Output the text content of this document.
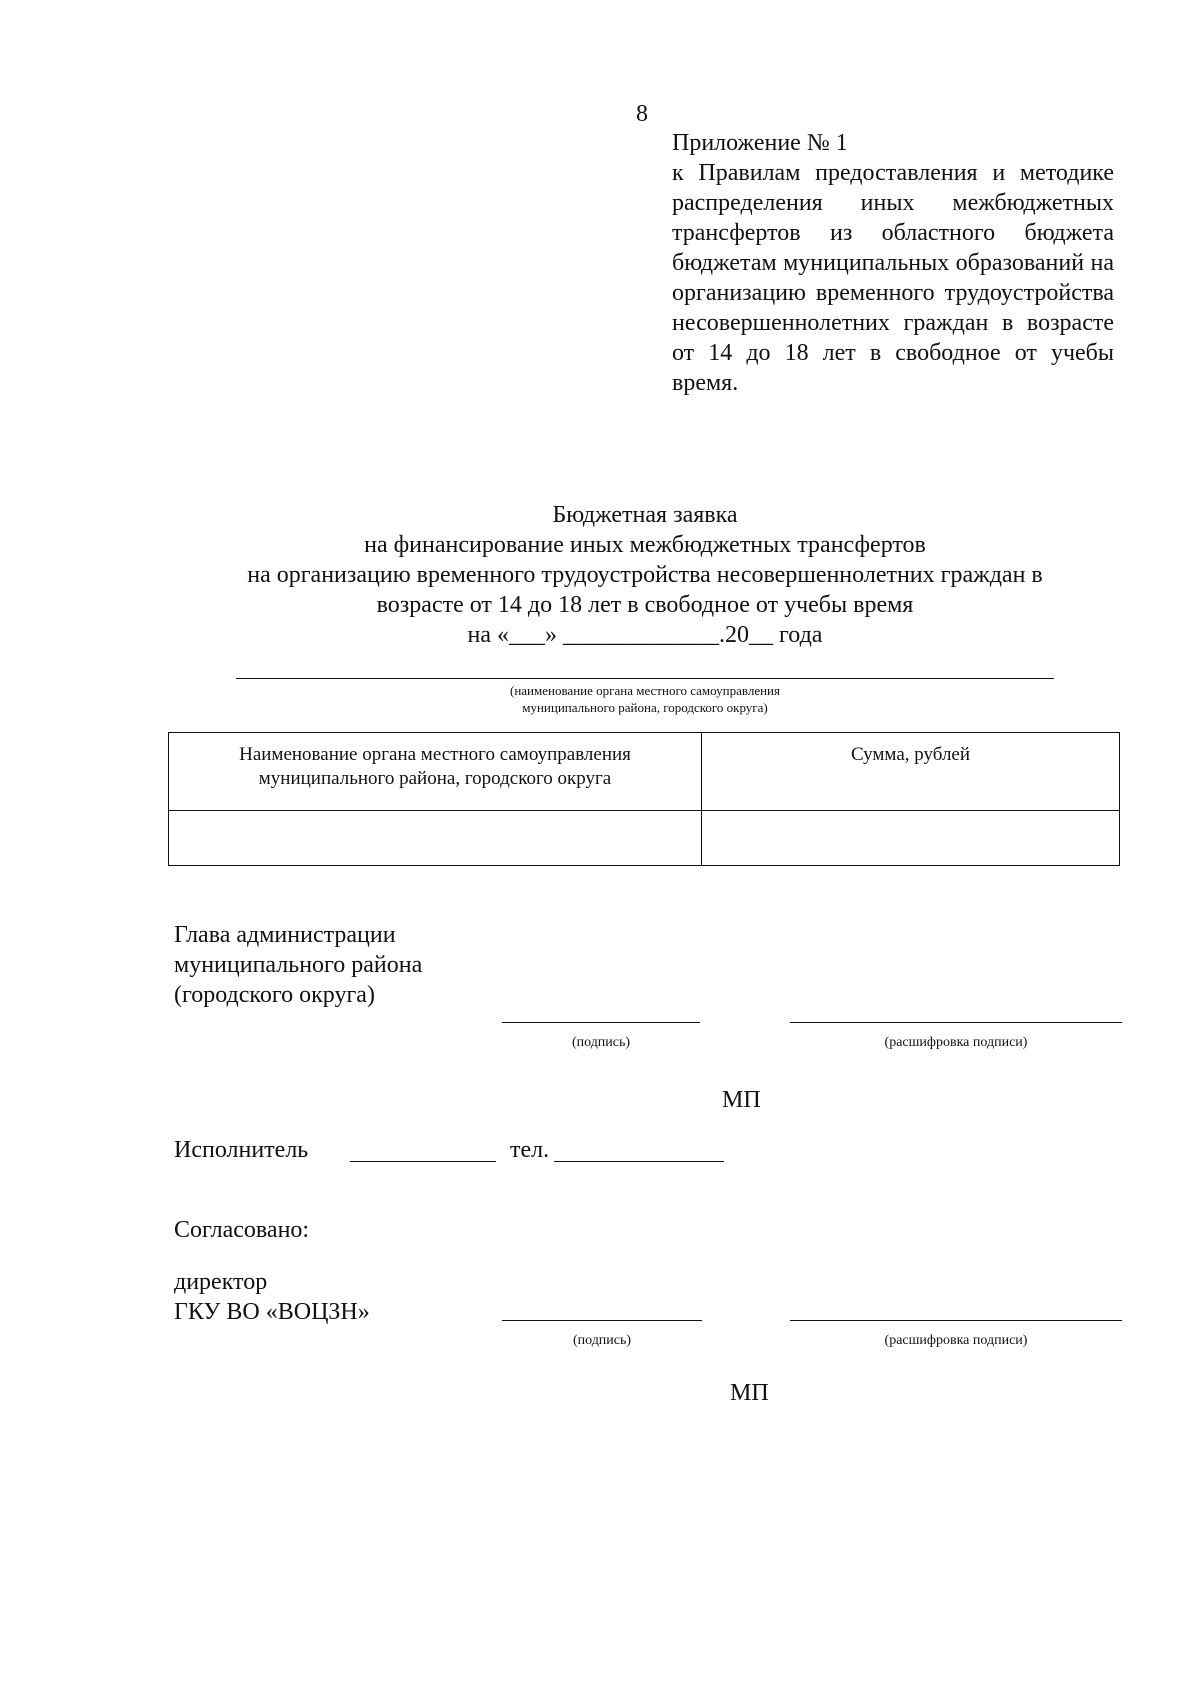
8
Приложение № 1
к Правилам предоставления и методике распределения иных межбюджетных трансфертов из областного бюджета бюджетам муниципальных образований на организацию временного трудоустройства несовершеннолетних граждан в возрасте от 14 до 18 лет в свободное от учебы время.
Бюджетная заявка
на финансирование иных межбюджетных трансфертов
на организацию временного трудоустройства несовершеннолетних граждан в
возрасте от 14 до 18 лет в свободное от учебы время
на «___» _____________.20__ года
(наименование органа местного самоуправления
муниципального района, городского округа)
Наименование органа местного самоуправления
муниципального района, городского округа	Сумма, рублей

Глава администрации
муниципального района
(городского округа)
(подпись)	(расшифровка подписи)
МП
Исполнитель	тел.
Согласовано:
директор
ГКУ ВО «ВОЦЗН»
(подпись)	(расшифровка подписи)
МП
